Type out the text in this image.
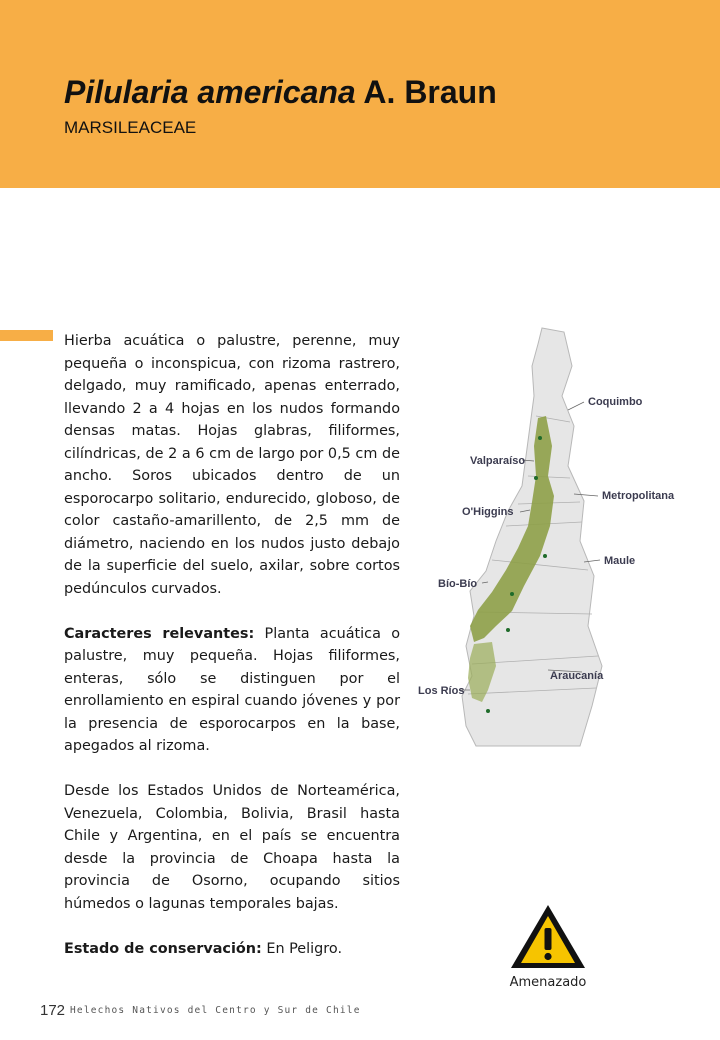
Pilularia americana A. Braun
MARSILEACEAE

Hierba acuática o palustre, perenne, muy pequeña o inconspicua, con rizoma rastrero, delgado, muy ramificado, apenas enterrado, llevando 2 a 4 hojas en los nudos formando densas matas. Hojas glabras, filiformes, cilíndricas, de 2 a 6 cm de largo por 0,5 cm de ancho. Soros ubicados dentro de un esporocarpo solitario, endurecido, globoso, de color castaño-amarillento, de 2,5 mm de diámetro, naciendo en los nudos justo debajo de la superficie del suelo, axilar, sobre cortos pedúnculos curvados.

Caracteres relevantes: Planta acuática o palustre, muy pequeña. Hojas filiformes, enteras, sólo se distinguen por el enrollamiento en espiral cuando jóvenes y por la presencia de esporocarpos en la base, apegados al rizoma.

Desde los Estados Unidos de Norteamérica, Venezuela, Colombia, Bolivia, Brasil hasta Chile y Argentina, en el país se encuentra desde la provincia de Choapa hasta la provincia de Osorno, ocupando sitios húmedos o lagunas temporales bajas.

Estado de conservación: En Peligro.

Coquimbo
Valparaíso
Metropolitana
O'Higgins
Maule
Bío-Bío
Araucanía
Los Ríos
Amenazado
172 Helechos Nativos del Centro y Sur de Chile
